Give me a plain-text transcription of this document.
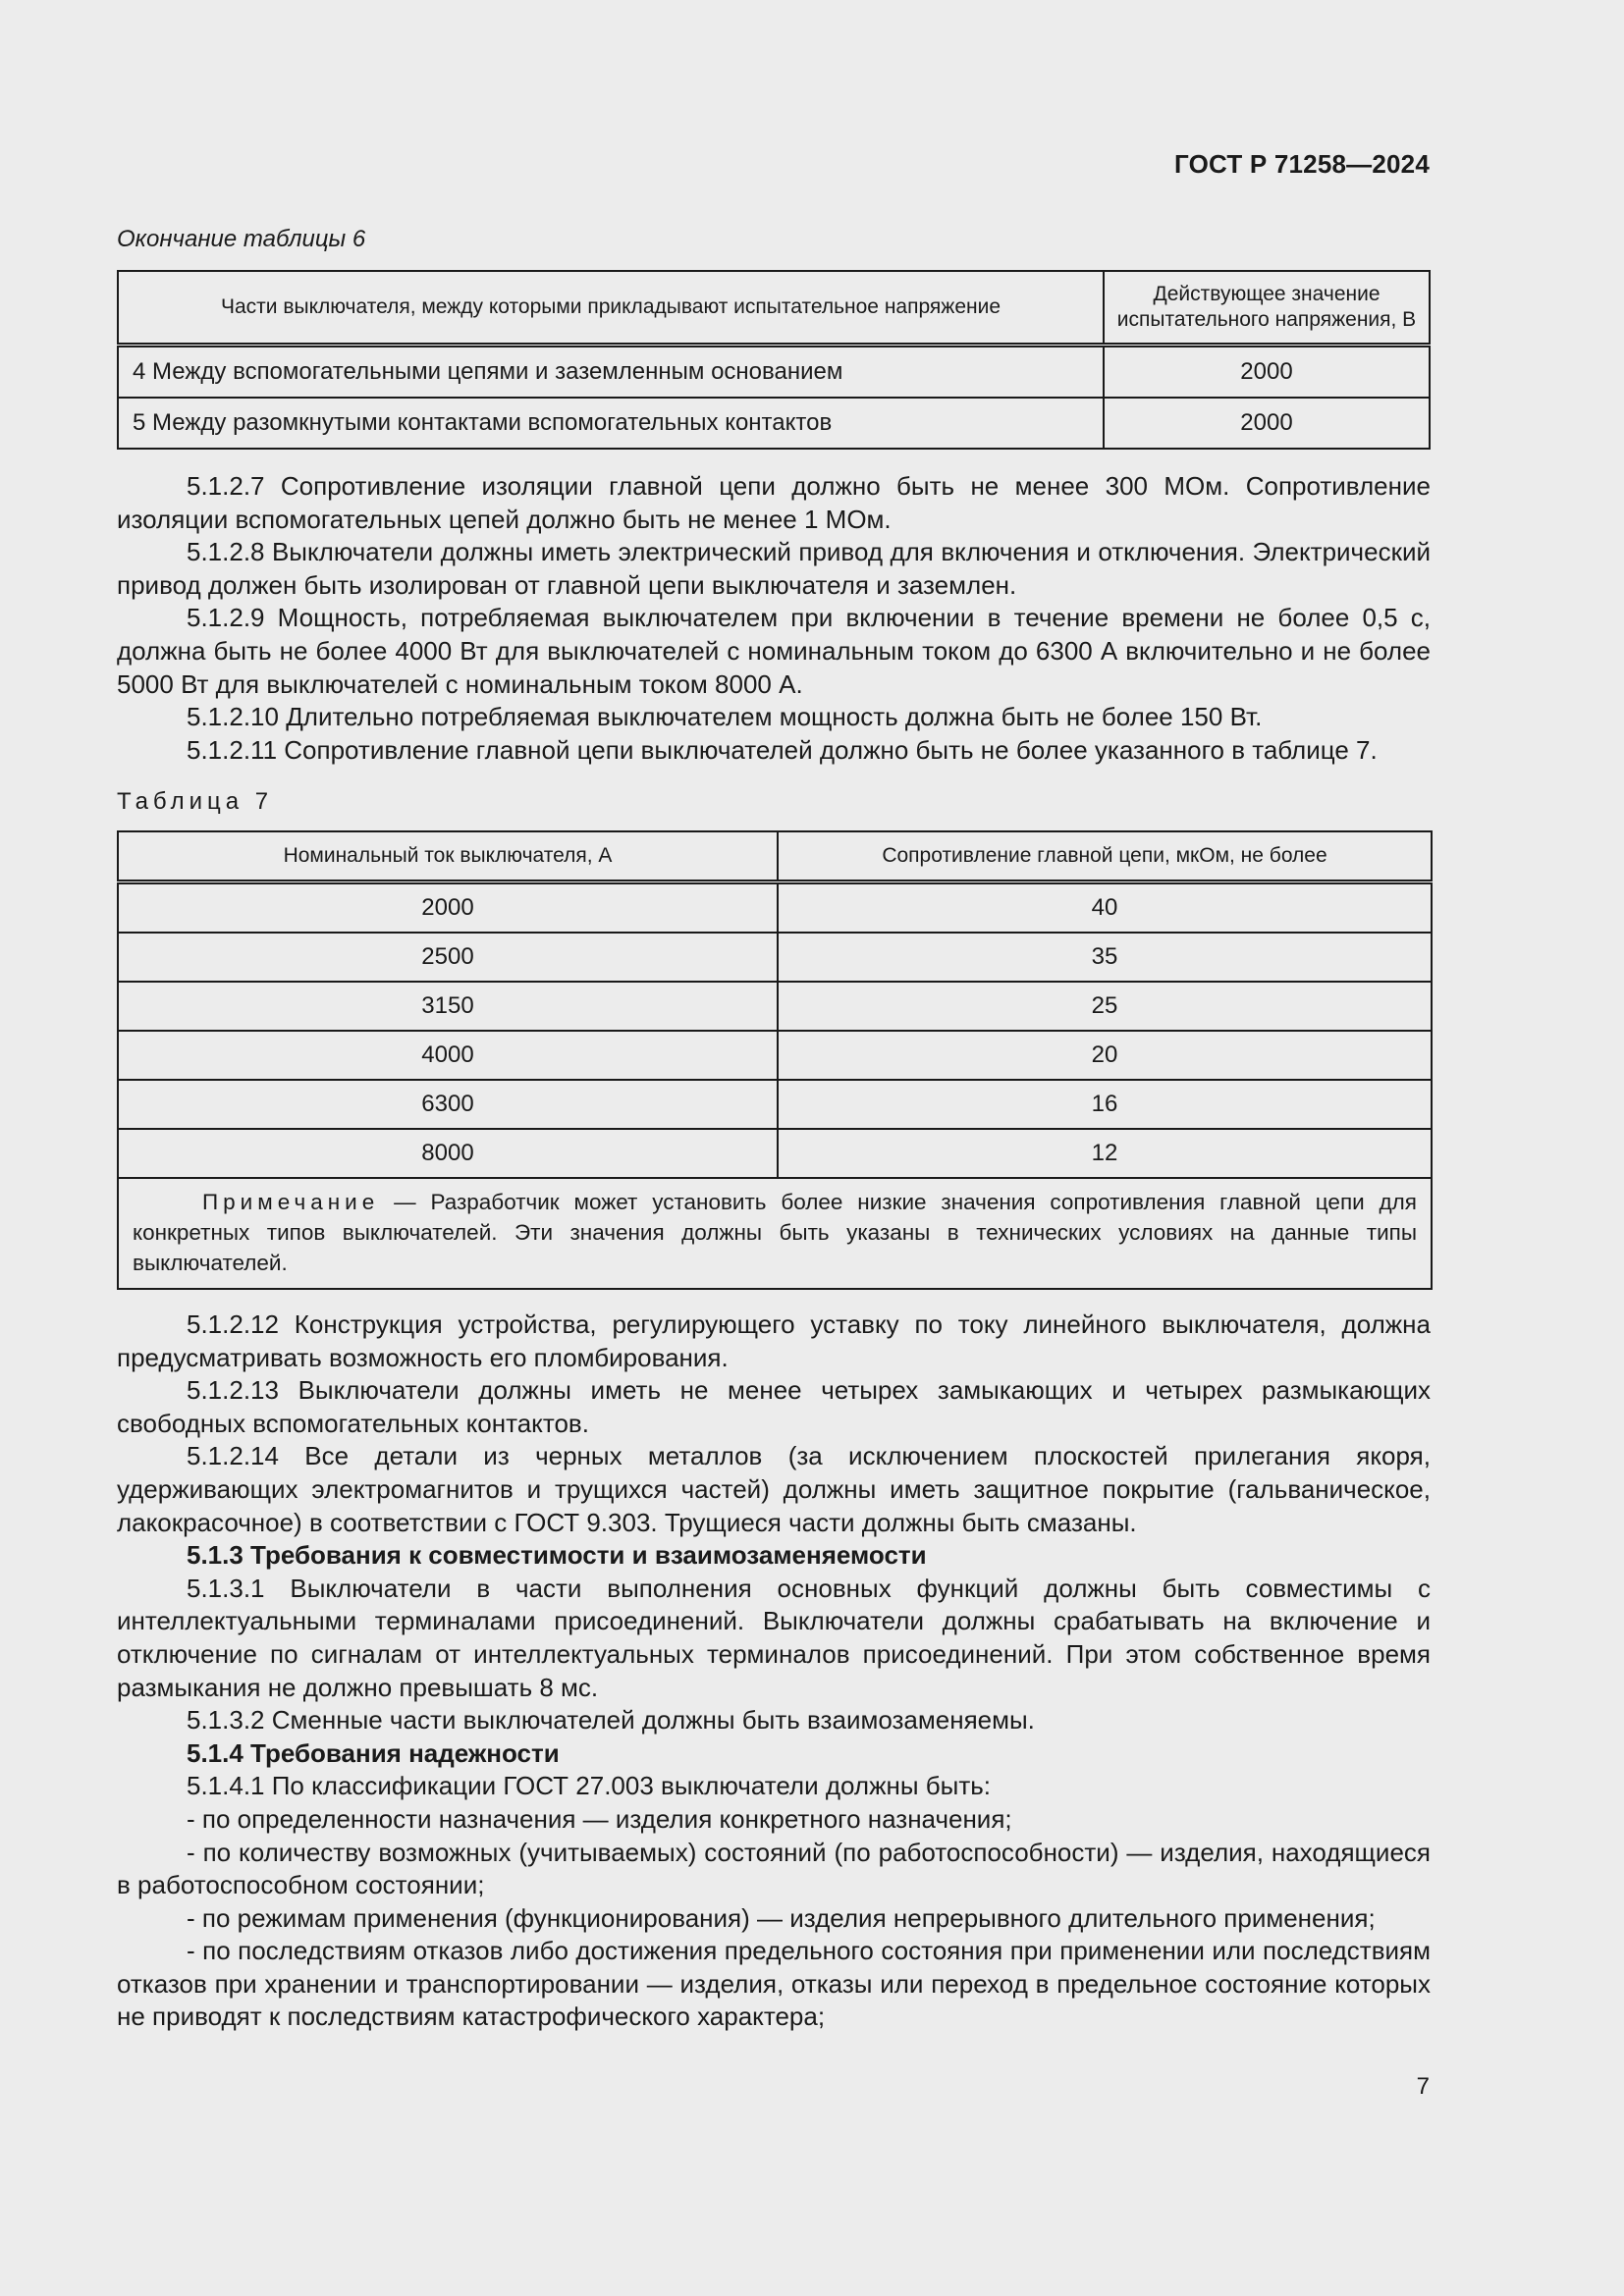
ГОСТ Р 71258—2024
Окончание таблицы 6
Части выключателя, между которыми прикладывают испытательное напряжение	Действующее значение испытательного напряжения, В
4 Между вспомогательными цепями и заземленным основанием	2000
5 Между разомкнутыми контактами вспомогательных контактов	2000

5.1.2.7 Сопротивление изоляции главной цепи должно быть не менее 300 МОм. Сопротивление изоляции вспомогательных цепей должно быть не менее 1 МОм.

5.1.2.8 Выключатели должны иметь электрический привод для включения и отключения. Электрический привод должен быть изолирован от главной цепи выключателя и заземлен.

5.1.2.9 Мощность, потребляемая выключателем при включении в течение времени не более 0,5 с, должна быть не более 4000 Вт для выключателей с номинальным током до 6300 А включительно и не более 5000 Вт для выключателей с номинальным током 8000 А.

5.1.2.10 Длительно потребляемая выключателем мощность должна быть не более 150 Вт.

5.1.2.11 Сопротивление главной цепи выключателей должно быть не более указанного в таблице 7.

Таблица 7
Номинальный ток выключателя, А	Сопротивление главной цепи, мкОм, не более
2000	40
2500	35
3150	25
4000	20
6300	16
8000	12
Примечание — Разработчик может установить более низкие значения сопротивления главной цепи для конкретных типов выключателей. Эти значения должны быть указаны в технических условиях на данные типы выключателей.	

5.1.2.12 Конструкция устройства, регулирующего уставку по току линейного выключателя, должна предусматривать возможность его пломбирования.

5.1.2.13 Выключатели должны иметь не менее четырех замыкающих и четырех размыкающих свободных вспомогательных контактов.

5.1.2.14 Все детали из черных металлов (за исключением плоскостей прилегания якоря, удерживающих электромагнитов и трущихся частей) должны иметь защитное покрытие (гальваническое, лакокрасочное) в соответствии с ГОСТ 9.303. Трущиеся части должны быть смазаны.

5.1.3 Требования к совместимости и взаимозаменяемости

5.1.3.1 Выключатели в части выполнения основных функций должны быть совместимы с интеллектуальными терминалами присоединений. Выключатели должны срабатывать на включение и отключение по сигналам от интеллектуальных терминалов присоединений. При этом собственное время размыкания не должно превышать 8 мс.

5.1.3.2 Сменные части выключателей должны быть взаимозаменяемы.

5.1.4 Требования надежности

5.1.4.1 По классификации ГОСТ 27.003 выключатели должны быть:

- по определенности назначения — изделия конкретного назначения;

- по количеству возможных (учитываемых) состояний (по работоспособности) — изделия, находящиеся в работоспособном состоянии;

- по режимам применения (функционирования) — изделия непрерывного длительного применения;

- по последствиям отказов либо достижения предельного состояния при применении или последствиям отказов при хранении и транспортировании — изделия, отказы или переход в предельное состояние которых не приводят к последствиям катастрофического характера;

7
